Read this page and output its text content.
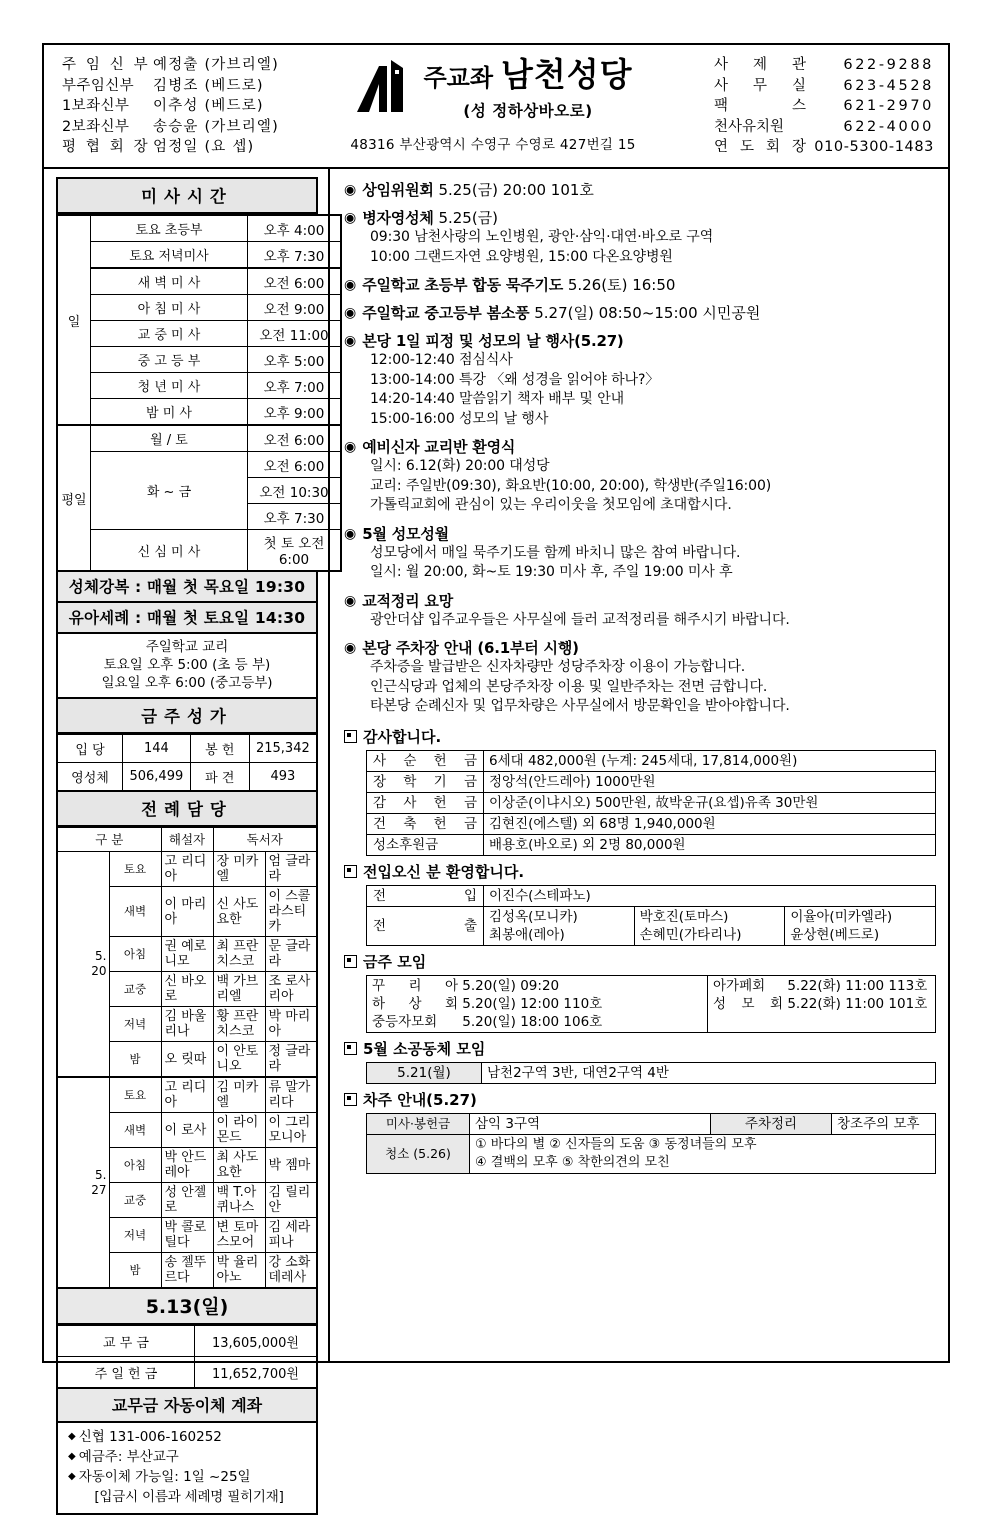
주 임 신 부 예정출 (가브리엘)
부주임신부 김병조 (베드로)
1보좌신부 이추성 (베드로)
2보좌신부 송승윤 (가브리엘)
평 협 회 장 엄정일 (요 셉)
주교좌 남천성당
(성 정하상바오로)
48316 부산광역시 수영구 수영로 427번길 15
사 제 관	622-9288
사 무 실	623-4528
팩 스	621-2970
천사유치원	622-4000
연 도 회 장 010-5300-1483
미사시간
일	토요 초등부	오후 4:00
	토요 저녁미사	오후 7:30
	새 벽 미 사	오전 6:00
	아 침 미 사	오전 9:00
	교 중 미 사	오전 11:00
	중 고 등 부	오후 5:00
	청 년 미 사	오후 7:00
	밤 미 사	오후 9:00
평일	월 / 토	오전 6:00
	화 ~ 금	오전 6:00
		오전 10:30
		오후 7:30
	신 심 미 사	첫 토 오전 6:00
성체강복 : 매월 첫 목요일 19:30
유아세례 : 매월 첫 토요일 14:30
주일학교 교리
토요일 오후 5:00 (초 등 부)
일요일 오후 6:00 (중고등부)
금주성가
입 당	144	봉 헌	215,342
영성체	506,499	파 견	493
전례담당
구 분		해설자	독서자	
5.
20	토요	고 리디아	장 미카엘	엄 글라라
	새벽	이 마리아	신 사도요한	이 스콜라스티카
	아침	권 예로니모	최 프란치스코	문 글라라
	교중	신 바오로	백 가브리엘	조 로사리아
	저녁	김 바울리나	황 프란치스코	박 마리아
	밤	오 릿따	이 안토니오	정 글라라
5.
27	토요	고 리디아	김 미카엘	류 말가리다
	새벽	이 로사	이 라이몬드	이 그리모니아
	아침	박 안드레아	최 사도요한	박 젬마
	교중	성 안젤로	백 T.아퀴나스	김 릴리안
	저녁	박 콜로틸다	변 토마스모어	김 세라피나
	밤	송 젤뚜르다	박 율리아노	강 소화데레사
5.13(일)
교 무 금	13,605,000원
주 일 헌 금	11,652,700원
교무금 자동이체 계좌
◆ 신협 131-006-160252
◆ 예금주: 부산교구
◆ 자동이체 가능일: 1일 ~25일
[입금시 이름과 세례명 필히기재]
◉ 상임위원회 5.25(금) 20:00 101호
◉ 병자영성체 5.25(금)
09:30 남천사랑의 노인병원, 광안·삼익·대연·바오로 구역
10:00 그랜드자연 요양병원, 15:00 다온요양병원
◉ 주일학교 초등부 합동 묵주기도 5.26(토) 16:50
◉ 주일학교 중고등부 봄소풍 5.27(일) 08:50~15:00 시민공원
◉ 본당 1일 피정 및 성모의 날 행사(5.27)
12:00-12:40 점심식사
13:00-14:00 특강 〈왜 성경을 읽어야 하나?〉
14:20-14:40 말씀읽기 책자 배부 및 안내
15:00-16:00 성모의 날 행사
◉ 예비신자 교리반 환영식
일시: 6.12(화) 20:00 대성당
교리: 주일반(09:30), 화요반(10:00, 20:00), 학생반(주일16:00)
가톨릭교회에 관심이 있는 우리이웃을 첫모임에 초대합시다.
◉ 5월 성모성월
성모당에서 매일 묵주기도를 함께 바치니 많은 참여 바랍니다.
일시: 월 20:00, 화~토 19:30 미사 후, 주일 19:00 미사 후
◉ 교적정리 요망
광안더샵 입주교우들은 사무실에 들러 교적정리를 해주시기 바랍니다.
◉ 본당 주차장 안내 (6.1부터 시행)
주차증을 발급받은 신자차량만 성당주차장 이용이 가능합니다.
인근식당과 업체의 본당주차장 이용 및 일반주차는 전면 금합니다.
타본당 순례신자 및 업무차량은 사무실에서 방문확인을 받아야합니다.
감사합니다.
사 순 헌 금	6세대 482,000원 (누계: 245세대, 17,814,000원)
장 학 기 금	정앙석(안드레아) 1000만원
감 사 헌 금	이상준(이냐시오) 500만원, 故박운규(요셉)유족 30만원
건 축 헌 금	김현진(에스텔) 외 68명 1,940,000원
성소후원금	배용호(바오로) 외 2명 80,000원
전입오신 분 환영합니다.
전 입	이진수(스테파노)		
전 출	
김성옥(모니카)
최봉애(레아)

박호진(토마스)
손혜민(가타리나)

이율아(미카엘라)
윤상현(베드로)
금주 모임
꾸 리 아 5.20(일) 09:20
하 상 회 5.20(일) 12:00 110호
중등자모회 5.20(일) 18:00 106호

아가페회 5.22(화) 11:00 113호
성 모 회 5.22(화) 11:00 101호

5월 소공동체 모임
5.21(월)	남천2구역 3반, 대연2구역 4반
차주 안내(5.27)
미사·봉헌금	삼익 3구역	주차정리	창조주의 모후
청소 (5.26)	① 바다의 별 ② 신자들의 도움 ③ 동정녀들의 모후
④ 결백의 모후 ⑤ 착한의견의 모친		
